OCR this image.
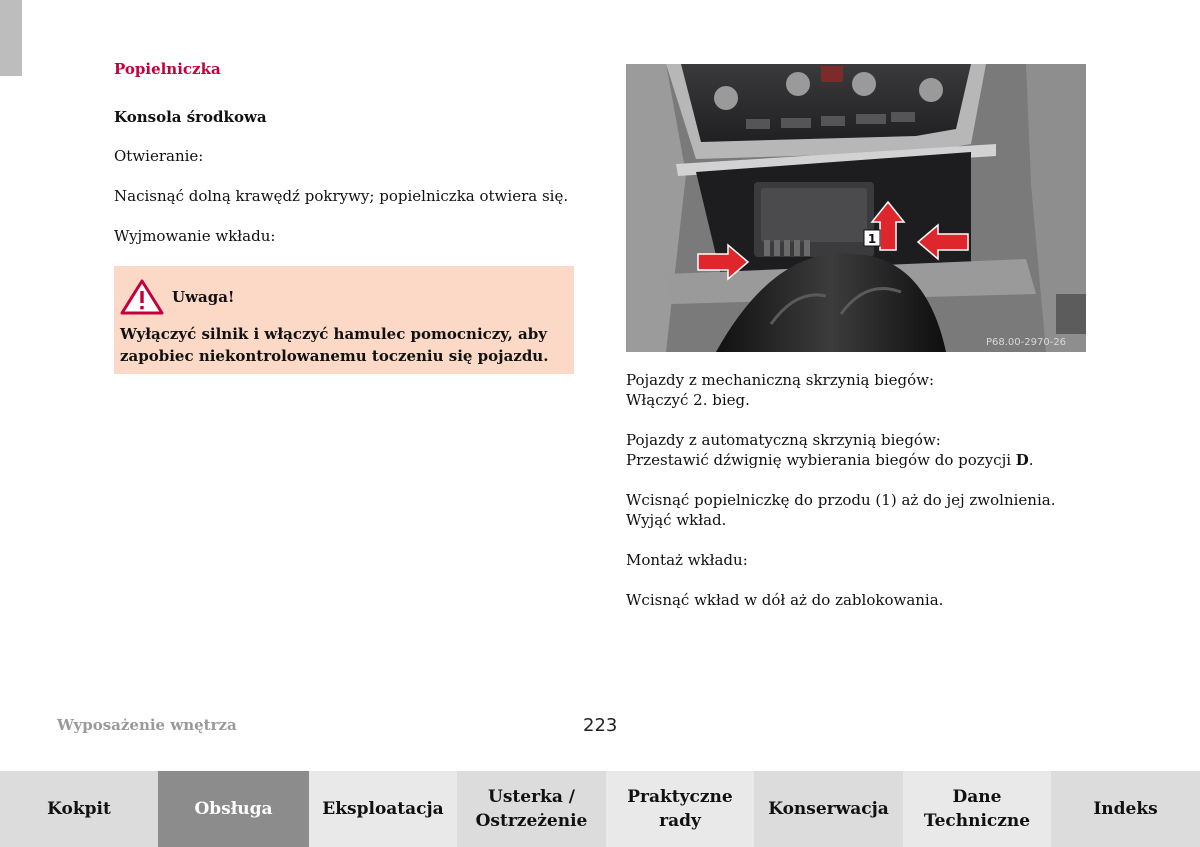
Popielniczka

Konsola środkowa

Otwieranie:

Nacisnąć dolną krawędź pokrywy; popielniczka otwiera się.

Wyjmowanie wkładu:

Uwaga!
Wyłączyć silnik i włączyć hamulec pomocniczy, aby zapobiec niekontrolowanemu toczeniu się pojazdu.
1
P68.00-2970-26

Pojazdy z mechaniczną skrzynią biegów:

Włączyć 2. bieg.

Pojazdy z automatyczną skrzynią biegów:

Przestawić dźwignię wybierania biegów do pozycji D.

Wcisnąć popielniczkę do przodu (1) aż do jej zwolnienia.

Wyjąć wkład.

Montaż wkładu:

Wcisnąć wkład w dół aż do zablokowania.

Wyposażenie wnętrza	223
Kokpit	Obsługa	Eksploatacja
Usterka /
Ostrzeżenie
Praktyczne
rady
Konserwacja
Dane
Techniczne
Indeks
